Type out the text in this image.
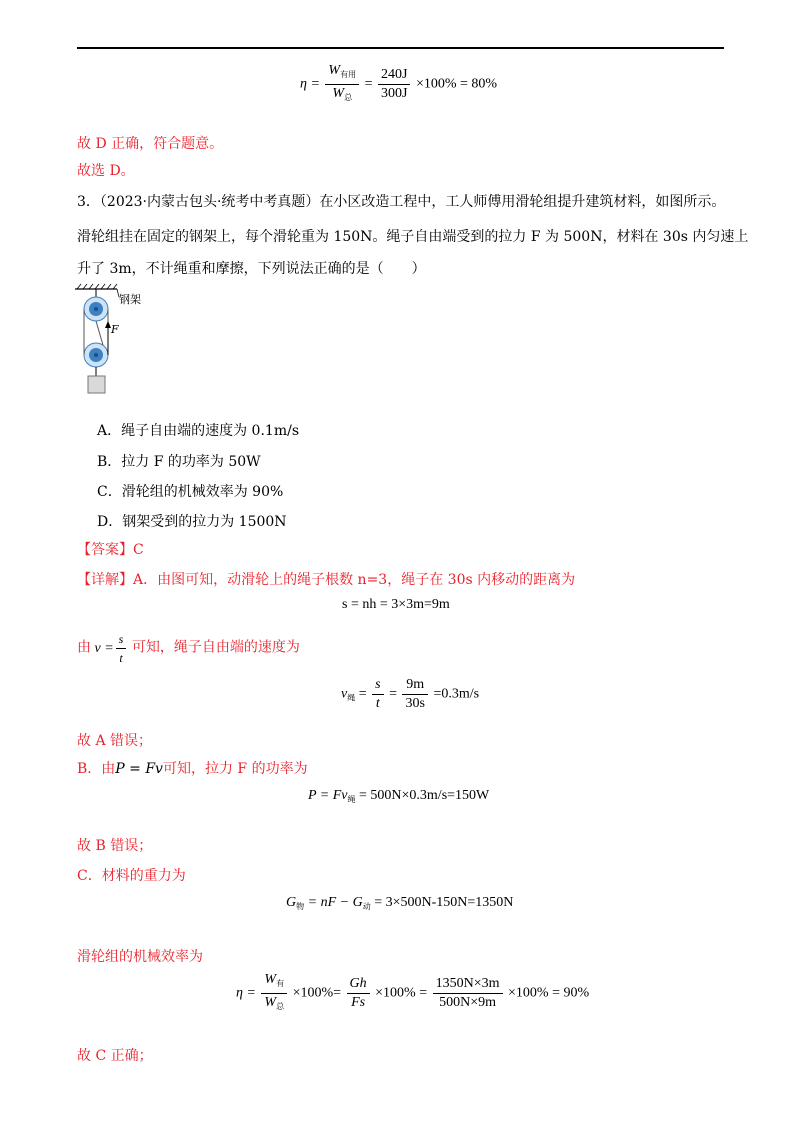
$\eta = \frac{W_{有用}}{W_总} = \frac{240J}{300J} \times 100\% = 80\%$
故 D 正确，符合题意。
故选 D。
3．（2023·内蒙古包头·统考中考真题）在小区改造工程中，工人师傅用滑轮组提升建筑材料，如图所示。
滑轮组挂在固定的钢架上，每个滑轮重为 150N。绳子自由端受到的拉力 F 为 500N，材料在 30s 内匀速上
升了 3m，不计绳重和摩擦，下列说法正确的是（　　）
钢架
F
A．绳子自由端的速度为 0.1m/s
B．拉力 F 的功率为 50W
C．滑轮组的机械效率为 90%
D．钢架受到的拉力为 1500N
【答案】C
【详解】A．由图可知，动滑轮上的绳子根数 n=3，绳子在 30s 内移动的距离为
s = nh = 3×3m=9m
由 $v = \frac{s}{t}$ 可知，绳子自由端的速度为
$v_绳 = \frac{s}{t} = \frac{9m}{30s} =0.3m/s$
故 A 错误；
B．由P = Fv可知，拉力 F 的功率为
$P = Fv_绳 = 500N\times 0.3m/s=150W$
故 B 错误；
C．材料的重力为
$G_物$ = nF − $G_动 = 3\times 500N-150N=1350N$
滑轮组的机械效率为
$\eta = \frac{W_有}{W_总} \times 100\%= \frac{Gh}{Fs} \times 100\% = \frac{1350N\times 3m}{500N\times 9m} \times 100\% = 90\%$
故 C 正确；
